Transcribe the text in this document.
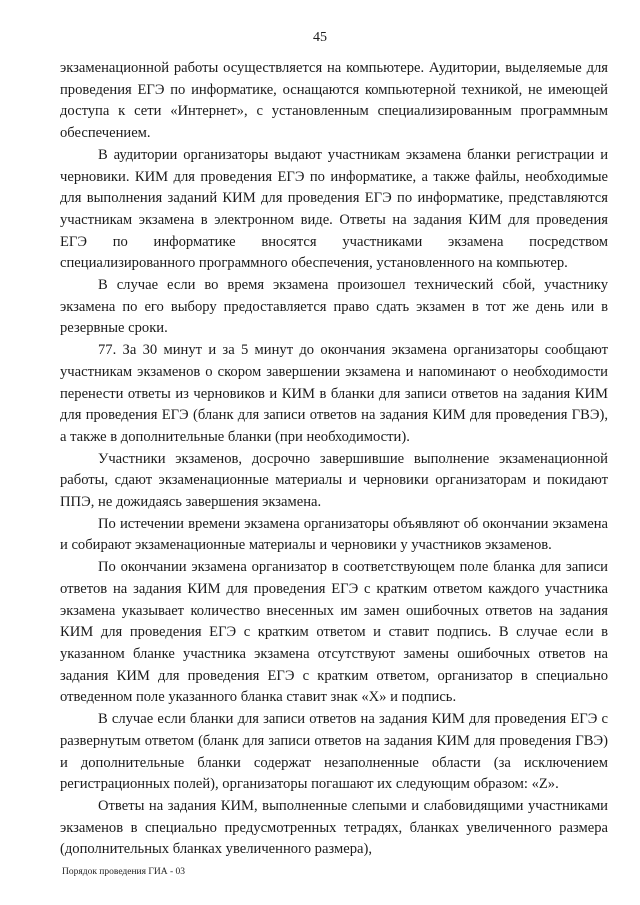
45

экзаменационной работы осуществляется на компьютере. Аудитории, выделяемые для проведения ЕГЭ по информатике, оснащаются компьютерной техникой, не имеющей доступа к сети «Интернет», с установленным специализированным программным обеспечением.

В аудитории организаторы выдают участникам экзамена бланки регистрации и черновики. КИМ для проведения ЕГЭ по информатике, а также файлы, необходимые для выполнения заданий КИМ для проведения ЕГЭ по информатике, представляются участникам экзамена в электронном виде. Ответы на задания КИМ для проведения ЕГЭ по информатике вносятся участниками экзамена посредством специализированного программного обеспечения, установленного на компьютер.

В случае если во время экзамена произошел технический сбой, участнику экзамена по его выбору предоставляется право сдать экзамен в тот же день или в резервные сроки.

77. За 30 минут и за 5 минут до окончания экзамена организаторы сообщают участникам экзаменов о скором завершении экзамена и напоминают о необходимости перенести ответы из черновиков и КИМ в бланки для записи ответов на задания КИМ для проведения ЕГЭ (бланк для записи ответов на задания КИМ для проведения ГВЭ), а также в дополнительные бланки (при необходимости).

Участники экзаменов, досрочно завершившие выполнение экзаменационной работы, сдают экзаменационные материалы и черновики организаторам и покидают ППЭ, не дожидаясь завершения экзамена.

По истечении времени экзамена организаторы объявляют об окончании экзамена и собирают экзаменационные материалы и черновики у участников экзаменов.

По окончании экзамена организатор в соответствующем поле бланка для записи ответов на задания КИМ для проведения ЕГЭ с кратким ответом каждого участника экзамена указывает количество внесенных им замен ошибочных ответов на задания КИМ для проведения ЕГЭ с кратким ответом и ставит подпись. В случае если в указанном бланке участника экзамена отсутствуют замены ошибочных ответов на задания КИМ для проведения ЕГЭ с кратким ответом, организатор в специально отведенном поле указанного бланка ставит знак «X» и подпись.

В случае если бланки для записи ответов на задания КИМ для проведения ЕГЭ с развернутым ответом (бланк для записи ответов на задания КИМ для проведения ГВЭ) и дополнительные бланки содержат незаполненные области (за исключением регистрационных полей), организаторы погашают их следующим образом: «Z».

Ответы на задания КИМ, выполненные слепыми и слабовидящими участниками экзаменов в специально предусмотренных тетрадях, бланках увеличенного размера (дополнительных бланках увеличенного размера),

Порядок проведения ГИА - 03
